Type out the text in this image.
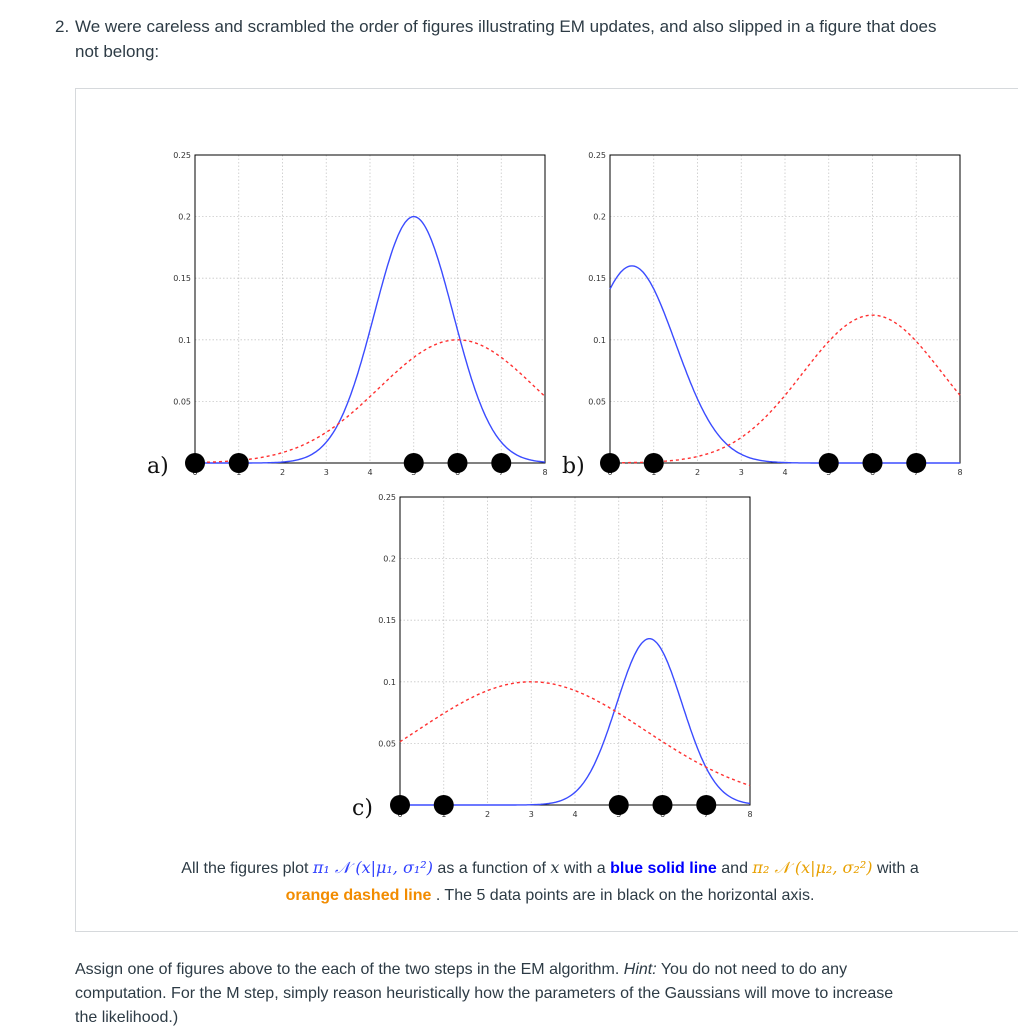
2. We were careless and scrambled the order of figures illustrating EM updates, and also slipped in a figure that does
not belong:
0.05
0.1
0.15
0.2
0.25
2	3	4	8
a)
0.05
0.1
0.15
0.2
0.25
2	3	4	8
b)
0.05
0.1
0.15
0.2
0.25
2	3	4	8
c)
All the figures plot π₁ 𝒩 (x|μ₁, σ₁²) as a function of x with a blue solid line and π₂ 𝒩 (x|μ₂, σ₂²) with a
orange dashed line . The 5 data points are in black on the horizontal axis.
Assign one of figures above to the each of the two steps in the EM algorithm. Hint: You do not need to do any
computation. For the M step, simply reason heuristically how the parameters of the Gaussians will move to increase
the likelihood.)
